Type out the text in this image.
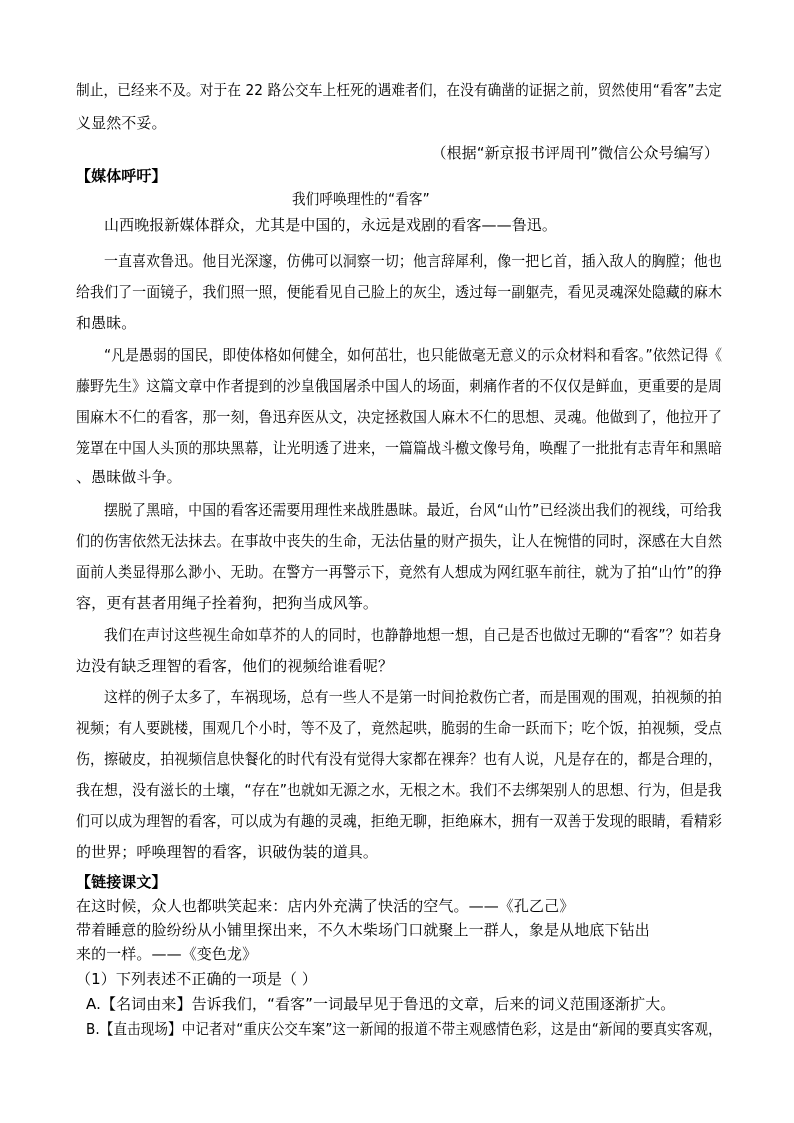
制止，已经来不及。对于在 22 路公交车上枉死的遇难者们，在没有确凿的证据之前，贸然使用“看客”去定

义显然不妥。

（根据“新京报书评周刊”微信公众号编写）

【媒体呼吁】

我们呼唤理性的“看客”

山西晚报新媒体群众，尤其是中国的，永远是戏剧的看客——鲁迅。

一直喜欢鲁迅。他目光深邃，仿佛可以洞察一切；他言辞犀利，像一把匕首，插入敌人的胸膛；他也

给我们了一面镜子，我们照一照，便能看见自己脸上的灰尘，透过每一副躯壳，看见灵魂深处隐藏的麻木

和愚昧。

“凡是愚弱的国民，即使体格如何健全，如何茁壮，也只能做毫无意义的示众材料和看客。”依然记得《

藤野先生》这篇文章中作者提到的沙皇俄国屠杀中国人的场面，刺痛作者的不仅仅是鲜血，更重要的是周

围麻木不仁的看客，那一刻，鲁迅弃医从文，决定拯救国人麻木不仁的思想、灵魂。他做到了，他拉开了

笼罩在中国人头顶的那块黑幕，让光明透了进来，一篇篇战斗檄文像号角，唤醒了一批批有志青年和黑暗

、愚昧做斗争。

摆脱了黑暗，中国的看客还需要用理性来战胜愚昧。最近，台风“山竹”已经淡出我们的视线，可给我

们的伤害依然无法抹去。在事故中丧失的生命，无法估量的财产损失，让人在惋惜的同时，深感在大自然

面前人类显得那么渺小、无助。在警方一再警示下，竟然有人想成为网红驱车前往，就为了拍“山竹”的狰

容，更有甚者用绳子拴着狗，把狗当成风筝。

我们在声讨这些视生命如草芥的人的同时，也静静地想一想，自己是否也做过无聊的“看客”？如若身

边没有缺乏理智的看客，他们的视频给谁看呢？

这样的例子太多了，车祸现场，总有一些人不是第一时间抢救伤亡者，而是围观的围观，拍视频的拍

视频；有人要跳楼，围观几个小时，等不及了，竟然起哄，脆弱的生命一跃而下；吃个饭，拍视频，受点

伤，擦破皮，拍视频信息快餐化的时代有没有觉得大家都在裸奔？也有人说，凡是存在的，都是合理的，

我在想，没有滋长的土壤，“存在”也就如无源之水，无根之木。我们不去绑架别人的思想、行为，但是我

们可以成为理智的看客，可以成为有趣的灵魂，拒绝无聊，拒绝麻木，拥有一双善于发现的眼睛，看精彩

的世界；呼唤理智的看客，识破伪装的道具。

【链接课文】

在这时候，众人也都哄笑起来：店内外充满了快活的空气。——《孔乙己》

带着睡意的脸纷纷从小铺里探出来，不久木柴场门口就聚上一群人，象是从地底下钻出

来的一样。——《变色龙》

（1）下列表述不正确的一项是（ ）

A.【名词由来】告诉我们，“看客”一词最早见于鲁迅的文章，后来的词义范围逐渐扩大。

B.【直击现场】中记者对“重庆公交车案”这一新闻的报道不带主观感情色彩，这是由“新闻的要真实客观，
